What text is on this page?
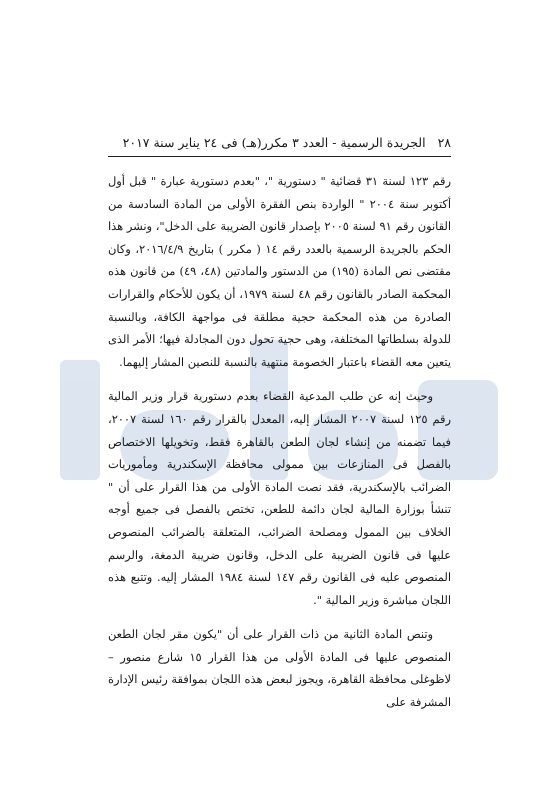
٢٨ الجريدة الرسمية - العدد ٣ مكرر(هـ) فى ٢٤ يناير سنة ٢٠١٧

رقم ١٢٣ لسنة ٣١ قضائية " دستورية "، "بعدم دستورية عبارة " قبل أول أكتوبر سنة ٢٠٠٤ " الواردة بنص الفقرة الأولى من المادة السادسة من القانون رقم ٩١ لسنة ٢٠٠٥ بإصدار قانون الضريبة على الدخل"، ونشر هذا الحكم بالجريدة الرسمية بالعدد رقم ١٤ ( مكرر ) بتاريخ ٢٠١٦/٤/٩، وكان مقتضى نص المادة (١٩٥) من الدستور والمادتين (٤٨، ٤٩) من قانون هذه المحكمة الصادر بالقانون رقم ٤٨ لسنة ١٩٧٩، أن يكون للأحكام والقرارات الصادرة من هذه المحكمة حجية مطلقة فى مواجهة الكافة، وبالنسبة للدولة بسلطاتها المختلفة، وهى حجية تحول دون المجادلة فيها؛ الأمر الذى يتعين معه القضاء باعتبار الخصومة منتهية بالنسبة للنصين المشار إليهما.

وحيث إنه عن طلب المدعية القضاء بعدم دستورية قرار وزير المالية رقم ١٢٥ لسنة ٢٠٠٧ المشار إليه، المعدل بالقرار رقم ١٦٠ لسنة ٢٠٠٧، فيما تضمنه من إنشاء لجان الطعن بالقاهرة فقط، وتخويلها الاختصاص بالفصل فى المنازعات بين ممولى محافظة الإسكندرية ومأموريات الضرائب بالإسكندرية، فقد نصت المادة الأولى من هذا القرار على أن " تنشأ بوزارة المالية لجان دائمة للطعن، تختص بالفصل فى جميع أوجه الخلاف بين الممول ومصلحة الضرائب، المتعلقة بالضرائب المنصوص عليها فى قانون الضريبة على الدخل، وقانون ضريبة الدمغة، والرسم المنصوص عليه فى القانون رقم ١٤٧ لسنة ١٩٨٤ المشار إليه. وتتبع هذه اللجان مباشرة وزير المالية ".

وتنص المادة الثانية من ذات القرار على أن "يكون مقر لجان الطعن المنصوص عليها فى المادة الأولى من هذا القرار ١٥ شارع منصور – لاظوغلى محافظة القاهرة، ويجوز لبعض هذه اللجان بموافقة رئيس الإدارة المشرفة على
